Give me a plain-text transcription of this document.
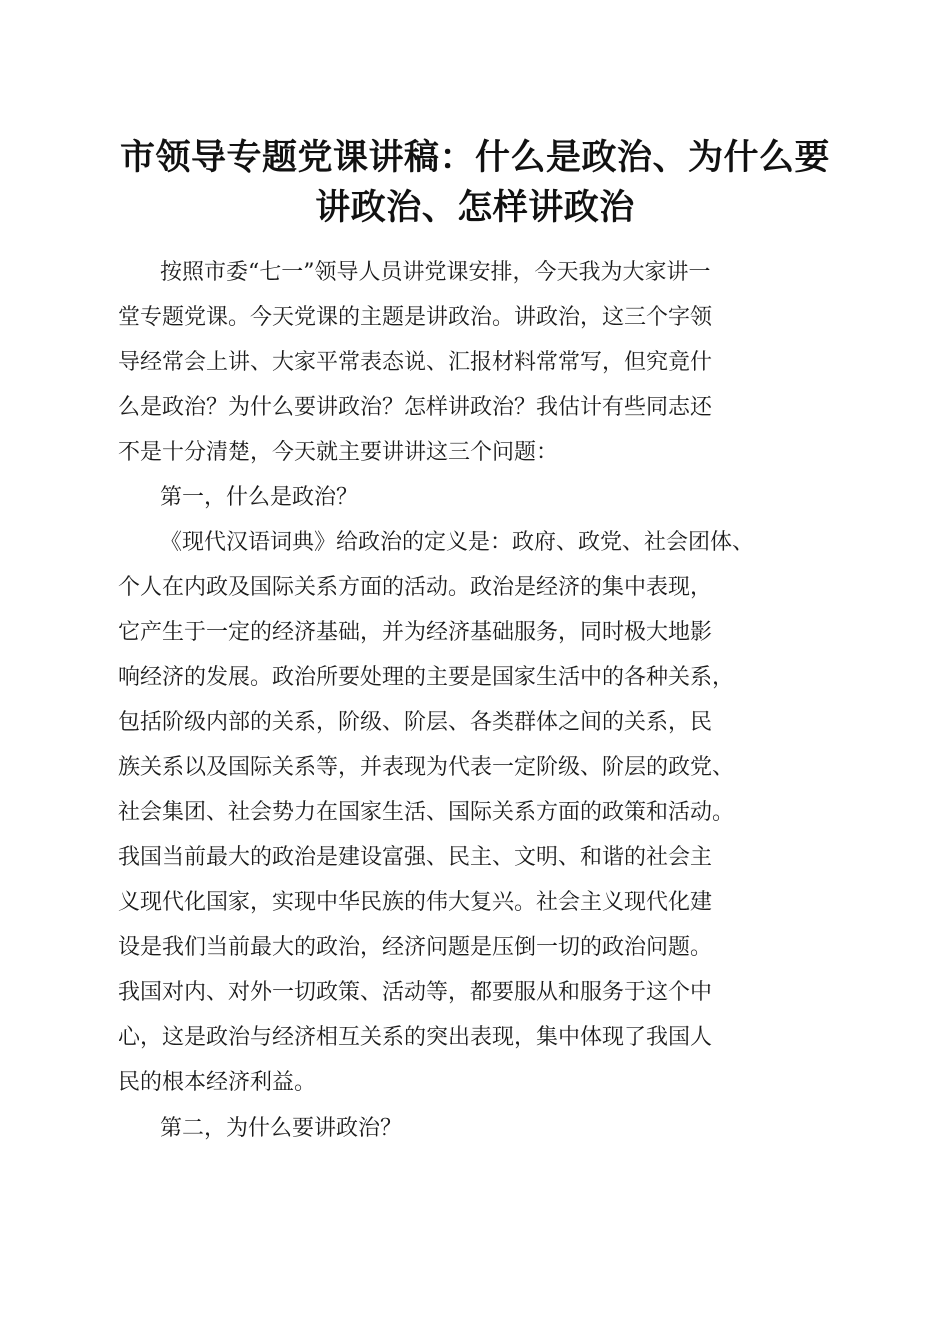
市领导专题党课讲稿：什么是政治、为什么要
讲政治、怎样讲政治
按照市委“七一”领导人员讲党课安排，今天我为大家讲一
堂专题党课。今天党课的主题是讲政治。讲政治，这三个字领
导经常会上讲、大家平常表态说、汇报材料常常写，但究竟什
么是政治？为什么要讲政治？怎样讲政治？我估计有些同志还
不是十分清楚，今天就主要讲讲这三个问题：
第一，什么是政治？
《现代汉语词典》给政治的定义是：政府、政党、社会团体、
个人在内政及国际关系方面的活动。政治是经济的集中表现，
它产生于一定的经济基础，并为经济基础服务，同时极大地影
响经济的发展。政治所要处理的主要是国家生活中的各种关系，
包括阶级内部的关系，阶级、阶层、各类群体之间的关系，民
族关系以及国际关系等，并表现为代表一定阶级、阶层的政党、
社会集团、社会势力在国家生活、国际关系方面的政策和活动。
我国当前最大的政治是建设富强、民主、文明、和谐的社会主
义现代化国家，实现中华民族的伟大复兴。社会主义现代化建
设是我们当前最大的政治，经济问题是压倒一切的政治问题。
我国对内、对外一切政策、活动等，都要服从和服务于这个中
心，这是政治与经济相互关系的突出表现，集中体现了我国人
民的根本经济利益。
第二，为什么要讲政治？
